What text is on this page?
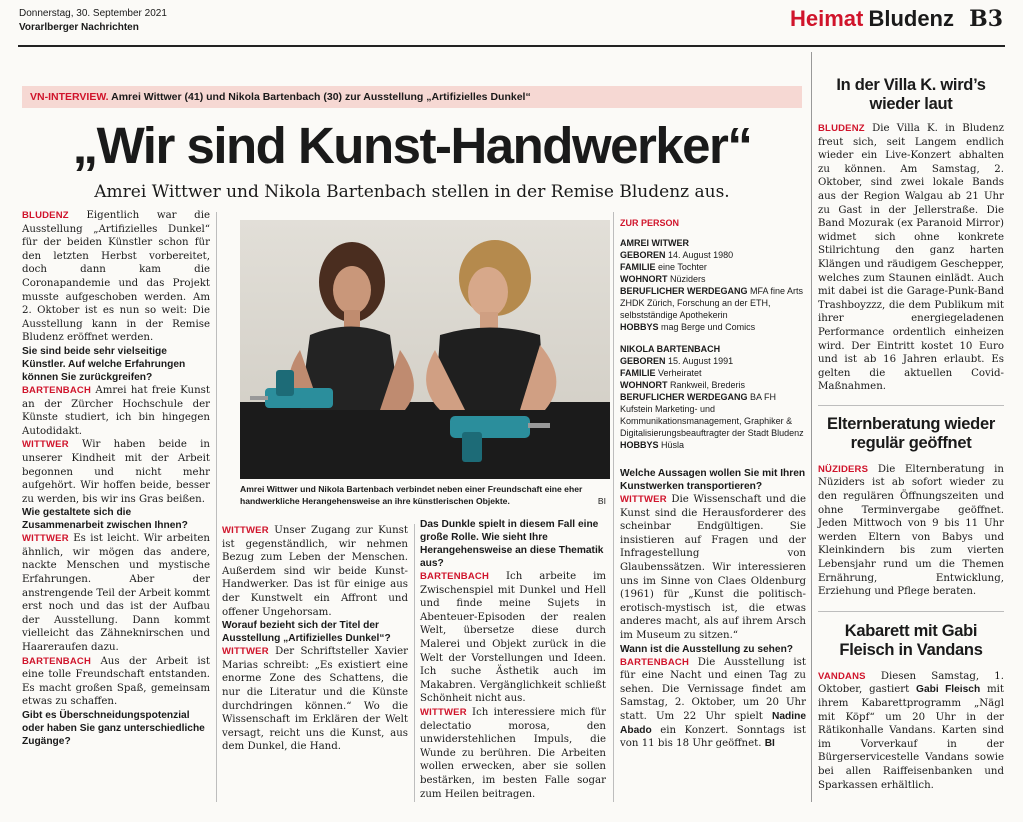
Donnerstag, 30. September 2021
Vorarlberger Nachrichten	Heimat Bludenz B3
VN-INTERVIEW. Amrei Wittwer (41) und Nikola Bartenbach (30) zur Ausstellung „Artifizielles Dunkel“
„Wir sind Kunst-Handwerker“
Amrei Wittwer und Nikola Bartenbach stellen in der Remise Bludenz aus.

BLUDENZ Eigentlich war die Ausstellung „Artifizielles Dunkel“ für der beiden Künstler schon für den letzten Herbst vorbereitet, doch dann kam die Coronapandemie und das Projekt musste aufgeschoben werden. Am 2. Oktober ist es nun so weit: Die Ausstellung kann in der Remise Bludenz eröffnet werden.

Sie sind beide sehr vielseitige Künstler. Auf welche Erfahrungen können Sie zurückgreifen?

BARTENBACH Amrei hat freie Kunst an der Zürcher Hochschule der Künste studiert, ich bin hingegen Autodidakt.

WITTWER Wir haben beide in unserer Kindheit mit der Arbeit begonnen und nicht mehr aufgehört. Wir hoffen beide, besser zu werden, bis wir ins Gras beißen.

Wie gestaltete sich die Zusammenarbeit zwischen Ihnen?

WITTWER Es ist leicht. Wir arbeiten ähnlich, wir mögen das andere, nackte Menschen und mystische Erfahrungen. Aber der anstrengende Teil der Arbeit kommt erst noch und das ist der Aufbau der Ausstellung. Dann kommt vielleicht das Zähneknirschen und Haareraufen dazu.

BARTENBACH Aus der Arbeit ist eine tolle Freundschaft entstanden. Es macht großen Spaß, gemeinsam etwas zu schaffen.

Gibt es Überschneidungspotenzial oder haben Sie ganz unterschiedliche Zugänge?

Amrei Wittwer und Nikola Bartenbach verbindet neben einer Freundschaft eine eher handwerkliche Herangehensweise an ihre künstlerischen Objekte.	BI

WITTWER Unser Zugang zur Kunst ist gegenständlich, wir nehmen Bezug zum Leben der Menschen. Außerdem sind wir beide Kunst-Handwerker. Das ist für einige aus der Kunstwelt ein Affront und offener Ungehorsam.

Worauf bezieht sich der Titel der Ausstellung „Artifizielles Dunkel“?

WITTWER Der Schriftsteller Xavier Marias schreibt: „Es existiert eine enorme Zone des Schattens, die nur die Literatur und die Künste durchdringen können.“ Wo die Wissenschaft im Erklären der Welt versagt, reicht uns die Kunst, aus dem Dunkel, die Hand.

Das Dunkle spielt in diesem Fall eine große Rolle. Wie sieht Ihre Herangehensweise an diese Thematik aus?

BARTENBACH Ich arbeite im Zwischenspiel mit Dunkel und Hell und finde meine Sujets in Abenteuer-Episoden der realen Welt, übersetze diese durch Malerei und Objekt zurück in die Welt der Vorstellungen und Ideen. Ich suche Ästhetik auch im Makabren. Vergänglichkeit schließt Schönheit nicht aus.

WITTWER Ich interessiere mich für delectatio morosa, den unwiderstehlichen Impuls, die Wunde zu berühren. Die Arbeiten wollen erwecken, aber sie sollen bestärken, im besten Falle sogar zum Heilen beitragen.

ZUR PERSON
AMREI WITWER
GEBOREN 14. August 1980
FAMILIE eine Tochter
WOHNORT Nüziders
BERUFLICHER WERDEGANG MFA fine Arts ZHDK Zürich, Forschung an der ETH, selbstständige Apothekerin
HOBBYS mag Berge und Comics
NIKOLA BARTENBACH
GEBOREN 15. August 1991
FAMILIE Verheiratet
WOHNORT Rankweil, Brederis
BERUFLICHER WERDEGANG BA FH Kufstein Marketing- und Kommunikationsmanagement, Graphiker & Digitalisierungsbeauftragter der Stadt Bludenz
HOBBYS Hüsla

Welche Aussagen wollen Sie mit Ihren Kunstwerken transportieren?

WITTWER Die Wissenschaft und die Kunst sind die Herausforderer des scheinbar Endgültigen. Sie insistieren auf Fragen und der Infragestellung von Glaubenssätzen. Wir interessieren uns im Sinne von Claes Oldenburg (1961) für „Kunst die politisch-erotisch-mystisch ist, die etwas anderes macht, als auf ihrem Arsch im Museum zu sitzen.“

Wann ist die Ausstellung zu sehen?

BARTENBACH Die Ausstellung ist für eine Nacht und einen Tag zu sehen. Die Vernissage findet am Samstag, 2. Oktober, um 20 Uhr statt. Um 22 Uhr spielt Nadine Abado ein Konzert. Sonntags ist von 11 bis 18 Uhr geöffnet. BI

In der Villa K. wird’s wieder laut

BLUDENZ Die Villa K. in Bludenz freut sich, seit Langem endlich wieder ein Live-Konzert abhalten zu können. Am Samstag, 2. Oktober, sind zwei lokale Bands aus der Region Walgau ab 21 Uhr zu Gast in der Jellerstraße. Die Band Mozurak (ex Paranoid Mirror) widmet sich ohne konkrete Stilrichtung den ganz harten Klängen und räudigem Geschepper, welches zum Staunen einlädt. Auch mit dabei ist die Garage-Punk-Band Trashboyzzz, die dem Publikum mit ihrer energiegeladenen Performance ordentlich einheizen wird. Der Eintritt kostet 10 Euro und ist ab 16 Jahren erlaubt. Es gelten die aktuellen Covid-Maßnahmen.

Elternberatung wieder regulär geöffnet

NÜZIDERS Die Elternberatung in Nüziders ist ab sofort wieder zu den regulären Öffnungszeiten und ohne Terminvergabe geöffnet. Jeden Mittwoch von 9 bis 11 Uhr werden Eltern von Babys und Kleinkindern bis zum vierten Lebensjahr rund um die Themen Ernährung, Entwicklung, Erziehung und Pflege beraten.

Kabarett mit Gabi Fleisch in Vandans

VANDANS Diesen Samstag, 1. Oktober, gastiert Gabi Fleisch mit ihrem Kabarettprogramm „Nägl mit Köpf“ um 20 Uhr in der Rätikonhalle Vandans. Karten sind im Vorverkauf in der Bürgerservicestelle Vandans sowie bei allen Raiffeisenbanken und Sparkassen erhältlich.
